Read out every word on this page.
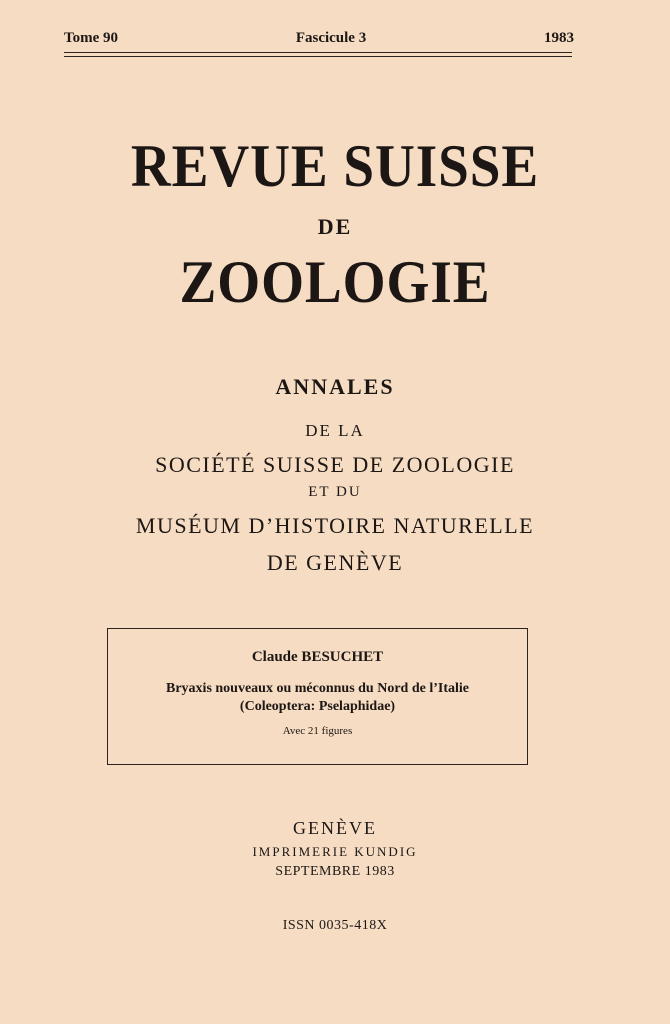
Tome 90	Fascicule 3	1983
REVUE SUISSE
DE
ZOOLOGIE
ANNALES
DE LA
SOCIÉTÉ SUISSE DE ZOOLOGIE
ET DU
MUSÉUM D’HISTOIRE NATURELLE
DE GENÈVE
Claude BESUCHET
Bryaxis nouveaux ou méconnus du Nord de l’Italie
(Coleoptera: Pselaphidae)
Avec 21 figures
GENÈVE
IMPRIMERIE KUNDIG
SEPTEMBRE 1983
ISSN 0035-418X
